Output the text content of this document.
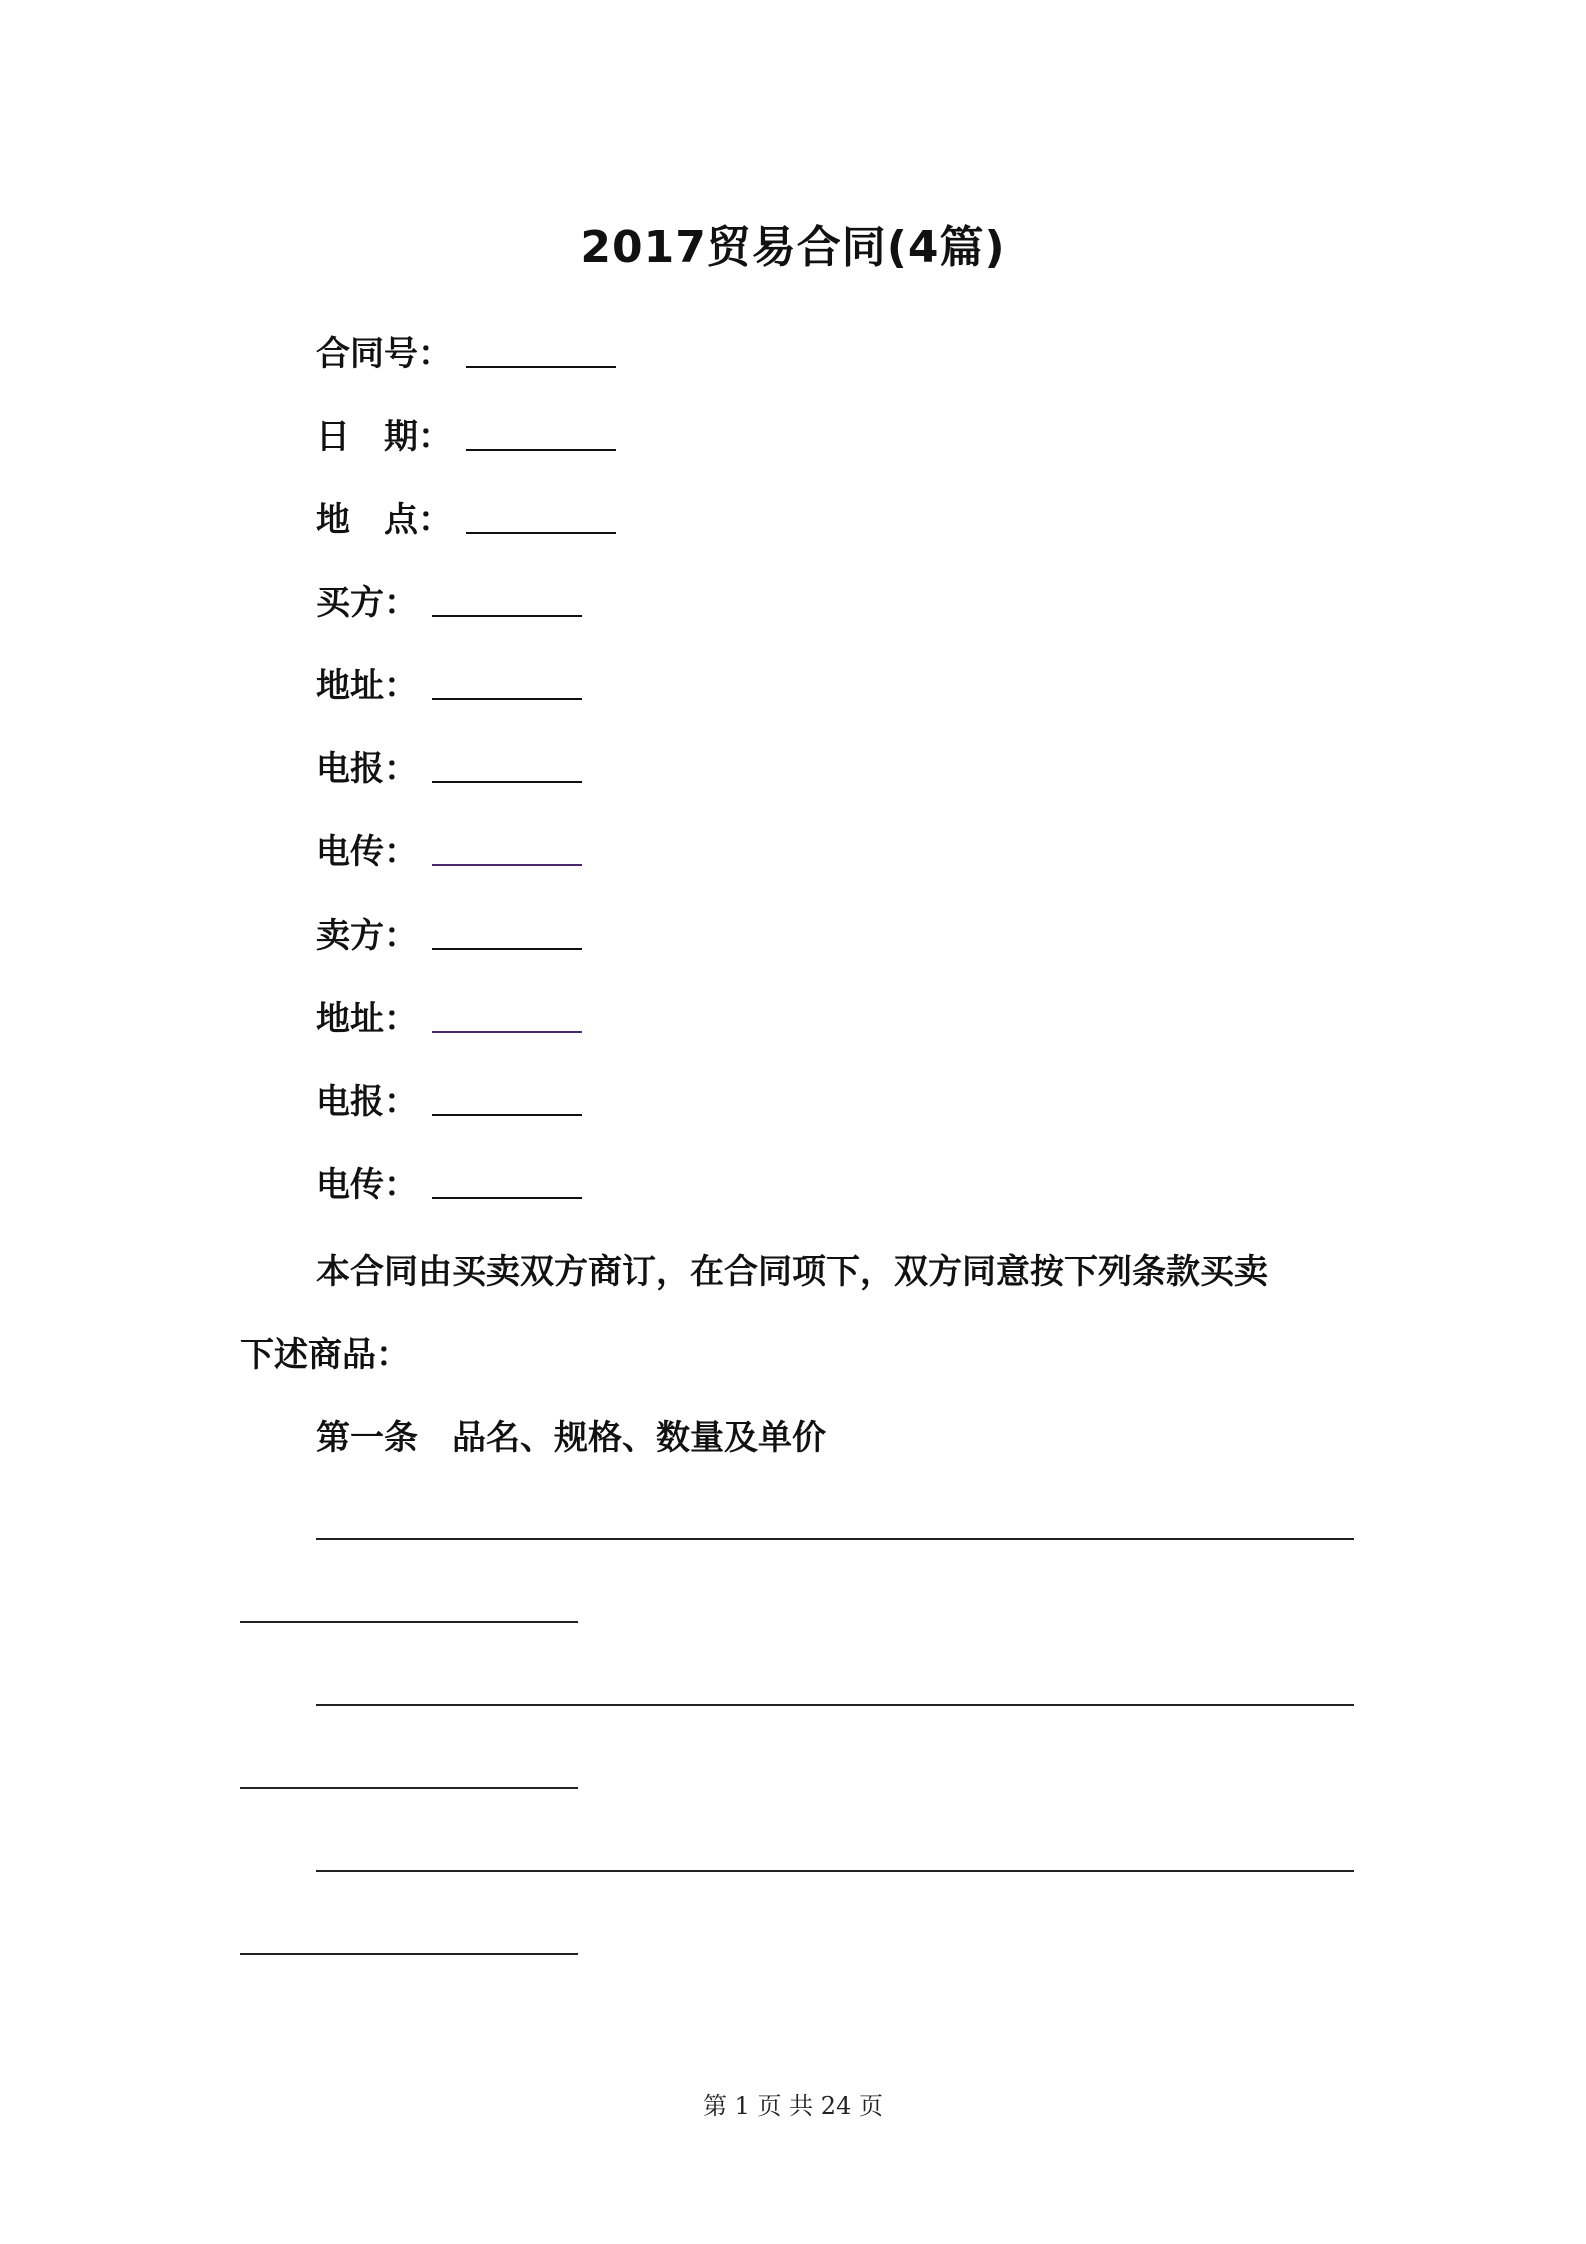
2017贸易合同(4篇)
合同号：
日　期：
地　点：
买方：
地址：
电报：
电传：
卖方：
地址：
电报：
电传：
本合同由买卖双方商订，在合同项下，双方同意按下列条款买卖
下述商品：
第一条　品名、规格、数量及单价
第 1 页 共 24 页
